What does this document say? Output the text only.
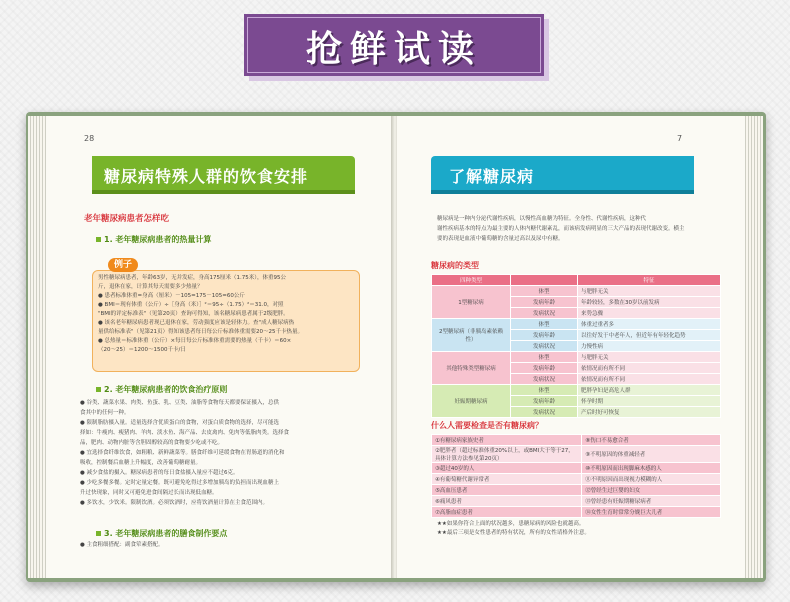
抢鲜试读
28
糖尿病特殊人群的饮食安排
老年糖尿病患者怎样吃
1. 老年糖尿病患者的热量计算
例子
男性糖尿病患者，年龄63岁，无并发症，身高175厘米（1.75米），体重95公
斤，退休在家，计算其每天需要多少热量？
● 患者标准体重=身高（厘米）－105=175－105=60公斤
● BMI＝现有体重（公斤）÷［身高（米）］²＝95÷（1.75）²＝31.0，对照
"BMI的评定标准表"（见第20页）查询可得知，该名糖尿病患者属于2级肥胖。
● 该名老年糖尿病患者现已退休在家，劳动强度应该是轻体力。查"成人糖尿病热
量供给标准表"（见第21页）得知该患者每日每公斤标准体重需要20～25千卡热量。
● 总热量＝标准体重（公斤）×每日每公斤标准体重需要的热量（千卡）＝60×
（20～25）＝1200～1500千卡/日
2. 老年糖尿病患者的饮食治疗原则
● 谷类、蔬菜水果、肉类、鱼蛋、乳、豆类、油脂等食物每天都要保证摄入，总供
食其中的任何一种。
● 限制脂肪摄入量。适量选择含优质蛋白的食物，对蛋白质食物的选择，尽可能选
择如：牛瘦肉、瘦猪肉、羊肉、淡水鱼、海产品、去皮禽肉、免肉等低脂肉类。选择食
品，肥肉、动物内脏等含胆固醇较高的食物要少吃或不吃。
● 宜选择食纤维饮食，如粗粮、新鲜蔬菜等。膳食纤维可延缓食物在胃肠道的消化和
吸收，控制餐后血糖上升幅度，改善葡萄糖耐量。
● 减少食盐的摄入。糖尿病患者的每日食盐摄入量应不超过6克。
● 少吃多餐多餐。定时定量定餐。既可避免吃得过多增加胰岛的负担而出现血糖上
升过快现象，同时又可避免进食间隔过长而出现低血糖。
● 多饮水，少饮米。限制饮酒。必须饮酒时，应将饮酒量计算在主食范围内。
3. 老年糖尿病患者的膳食制作要点
● 主食粗细搭配：副食荤素搭配。
7
了解糖尿病
糖尿病是一种内分泌代谢性疾病，以慢性高血糖为特征。全身性、代谢性疾病，这种代
谢性疾病基本的特点为最主要的人体内糖代谢紊乱，而该病发病明显的三大产品的表现代谢改变。横主
要的表现是血液中葡萄糖的含量过高以及尿中有糖。
糖尿病的类型
四种类型		特征
1型糖尿病	体型	与肥胖无关
	发病年龄	年龄较轻，多数在30岁以前发病
	发病状况	来势急骤
2型糖尿病（非胰岛素依赖性）	体型	体重过重者多
	发病年龄	以往好发于中老年人，但近年有年轻化趋势
	发病状况	力慢性病
其他特殊类型糖尿病	体型	与肥胖无关
	发病年龄	依情况而有所不同
	发病状况	依情况而有所不同
妊娠期糖尿病	体型	肥胖孕妇是高危人群
	发病年龄	怀孕时期
	发病状况	产后时好可恢复
什么人需要检查是否有糖尿病？
①有糖尿病家族史者	⑧伤口不易愈合者
②肥胖者（超过标准体重20%以上，或BMI大于等于27，具体计算方法参见第20页）	⑨不明原因的体重减轻者
③超过40岁的人	⑩不明原因而出现脚麻木感的人
④有葡萄糖代谢异常者	⑪不明原因而出现视力模糊的人
⑤高血压患者	⑫曾经生过巨婴的妇女
⑥痛风患者	⑬曾经患有妊娠期糖尿病者
⑦高脂血症患者	⑭女性生育时常常分娩巨大儿者
★★如果你符合上面的状况越多，患糖尿病的风险也就越高。
★★最后三项是女性患者的特有状况，所有的女性请格外注意。
